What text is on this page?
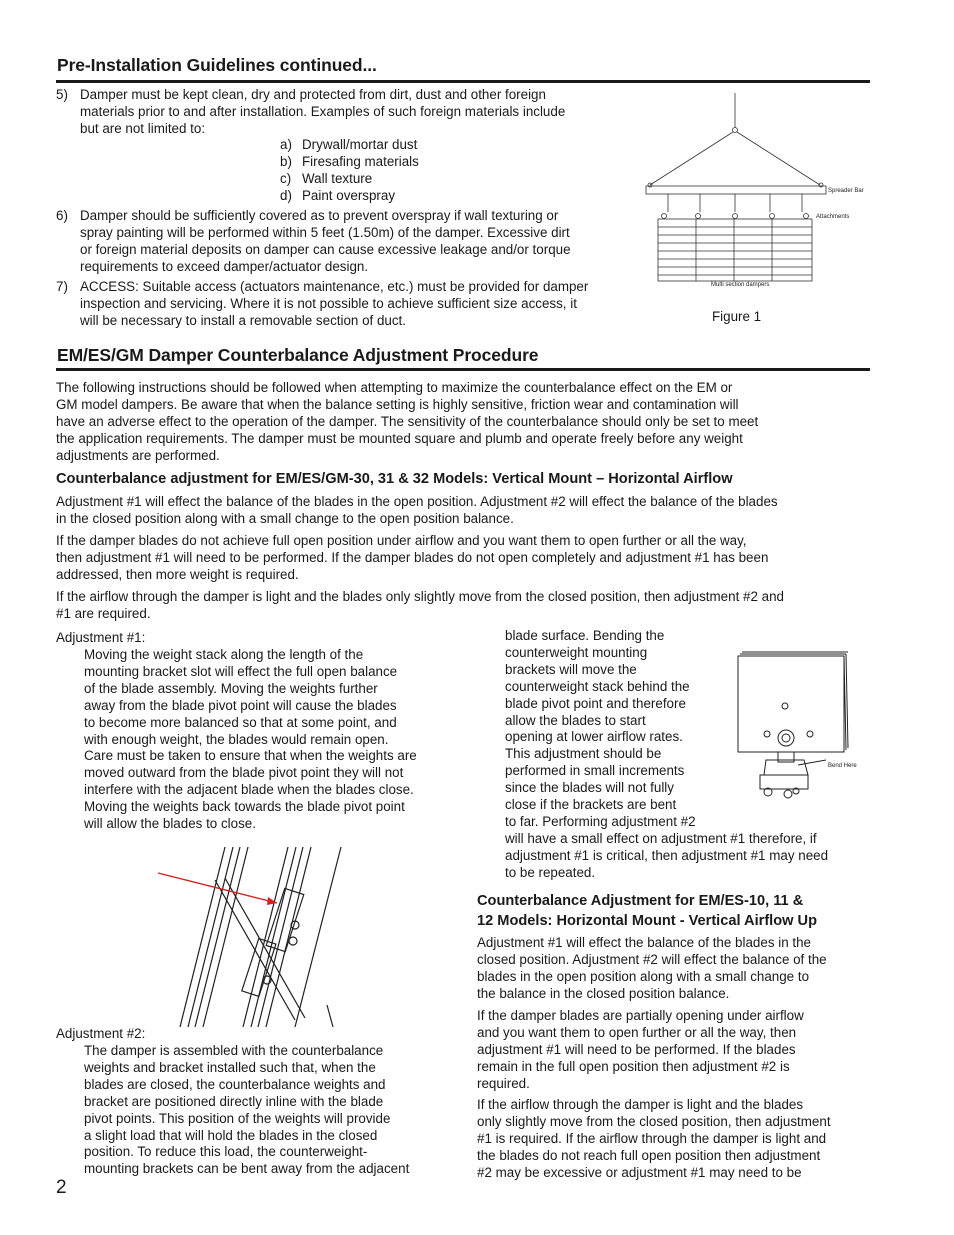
Pre-Installation Guidelines continued...
5) Damper must be kept clean, dry and protected from dirt, dust and other foreign
materials prior to and after installation. Examples of such foreign materials include
but are not limited to:
a) Drywall/mortar dust
b) Firesafing materials
c) Wall texture
d) Paint overspray
6) Damper should be sufficiently covered as to prevent overspray if wall texturing or
spray painting will be performed within 5 feet (1.50m) of the damper. Excessive dirt
or foreign material deposits on damper can cause excessive leakage and/or torque
requirements to exceed damper/actuator design.
7) ACCESS: Suitable access (actuators maintenance, etc.) must be provided for damper
inspection and servicing. Where it is not possible to achieve sufficient size access, it
will be necessary to install a removable section of duct.
Spreader Bar
Attachments
Multi section dampers
Figure 1
EM/ES/GM Damper Counterbalance Adjustment Procedure
The following instructions should be followed when attempting to maximize the counterbalance effect on the EM or
GM model dampers. Be aware that when the balance setting is highly sensitive, friction wear and contamination will
have an adverse effect to the operation of the damper. The sensitivity of the counterbalance should only be set to meet
the application requirements. The damper must be mounted square and plumb and operate freely before any weight
adjustments are performed.
Counterbalance adjustment for EM/ES/GM-30, 31 & 32 Models: Vertical Mount – Horizontal Airflow
Adjustment #1 will effect the balance of the blades in the open position. Adjustment #2 will effect the balance of the blades
in the closed position along with a small change to the open position balance.
If the damper blades do not achieve full open position under airflow and you want them to open further or all the way,
then adjustment #1 will need to be performed. If the damper blades do not open completely and adjustment #1 has been
addressed, then more weight is required.
If the airflow through the damper is light and the blades only slightly move from the closed position, then adjustment #2 and
#1 are required.
Adjustment #1:
Moving the weight stack along the length of the
mounting bracket slot will effect the full open balance
of the blade assembly. Moving the weights further
away from the blade pivot point will cause the blades
to become more balanced so that at some point, and
with enough weight, the blades would remain open.
Care must be taken to ensure that when the weights are
moved outward from the blade pivot point they will not
interfere with the adjacent blade when the blades close.
Moving the weights back towards the blade pivot point
will allow the blades to close.
Adjustment #2:
The damper is assembled with the counterbalance
weights and bracket installed such that, when the
blades are closed, the counterbalance weights and
bracket are positioned directly inline with the blade
pivot points. This position of the weights will provide
a slight load that will hold the blades in the closed
position. To reduce this load, the counterweight-
mounting brackets can be bent away from the adjacent
blade surface. Bending the
counterweight mounting
brackets will move the
counterweight stack behind the
blade pivot point and therefore
allow the blades to start
opening at lower airflow rates.
This adjustment should be
performed in small increments
since the blades will not fully
close if the brackets are bent
to far. Performing adjustment #2
will have a small effect on adjustment #1 therefore, if
adjustment #1 is critical, then adjustment #1 may need
to be repeated.
Bend Here
Counterbalance Adjustment for EM/ES-10, 11 &
12 Models: Horizontal Mount - Vertical Airflow Up
Adjustment #1 will effect the balance of the blades in the
closed position. Adjustment #2 will effect the balance of the
blades in the open position along with a small change to
the balance in the closed position balance.
If the damper blades are partially opening under airflow
and you want them to open further or all the way, then
adjustment #1 will need to be performed. If the blades
remain in the full open position then adjustment #2 is
required.
If the airflow through the damper is light and the blades
only slightly move from the closed position, then adjustment
#1 is required. If the airflow through the damper is light and
the blades do not reach full open position then adjustment
#2 may be excessive or adjustment #1 may need to be
2
